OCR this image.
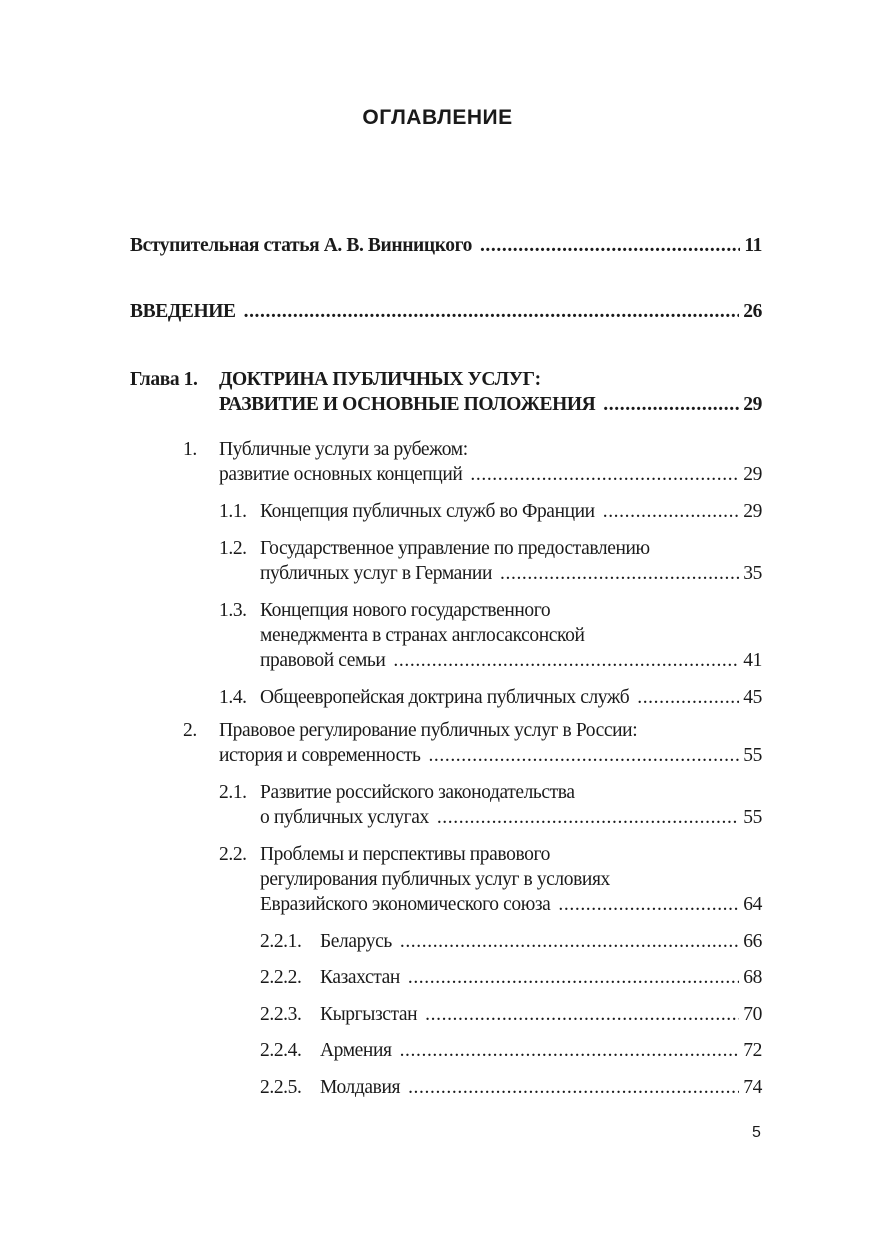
ОГЛАВЛЕНИЕ
Вступительная статья А. В. Винницкого .....	11
ВВЕДЕНИЕ .....	26
Глава 1. ДОКТРИНА ПУБЛИЧНЫХ УСЛУГ:
РАЗВИТИЕ И ОСНОВНЫЕ ПОЛОЖЕНИЯ .....	29
1. Публичные услуги за рубежом:
развитие основных концепций .....	29
1.1. Концепция публичных служб во Франции .....	29
1.2. Государственное управление по предоставлению
публичных услуг в Германии .....	35
1.3. Концепция нового государственного
менеджмента в странах англосаксонской
правовой семьи .....	41
1.4. Общеевропейская доктрина публичных служб .....	45
2. Правовое регулирование публичных услуг в России:
история и современность .....	55
2.1. Развитие российского законодательства
о публичных услугах .....	55
2.2. Проблемы и перспективы правового
регулирования публичных услуг в условиях
Евразийского экономического союза .....	64
2.2.1. Беларусь .....	66
2.2.2. Казахстан .....	68
2.2.3. Кыргызстан .....	70
2.2.4. Армения .....	72
2.2.5. Молдавия .....	74
5
